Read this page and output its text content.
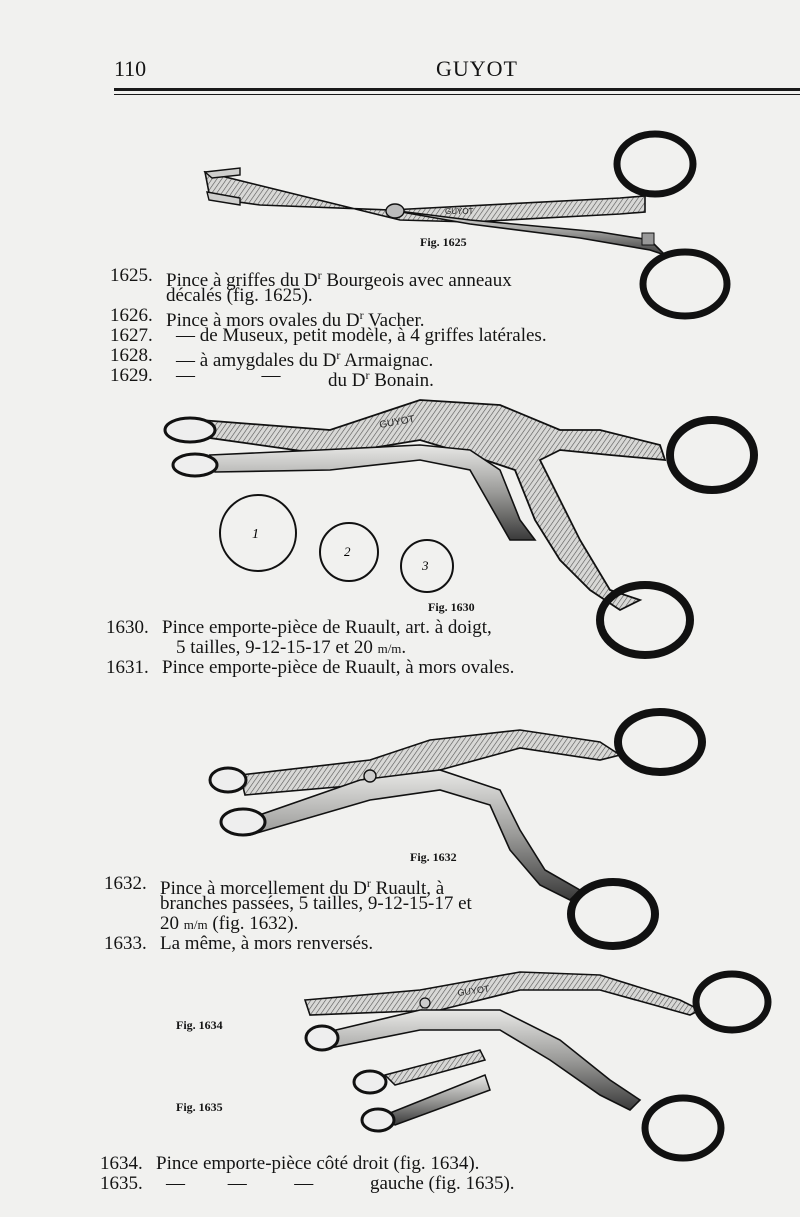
110	GUYOT
GUYOT
GUYOT
1
2
3
GUYOT
Fig. 1625
Fig. 1630
Fig. 1632
Fig. 1634
Fig. 1635
1625. Pince à griffes du $D^r$ Bourgeois avec anneaux
décalés (fig. 1625).
1626. Pince à mors ovales du $D^r$ Vacher.
1627. — de Museux, petit modèle, à 4 griffes latérales.
1628. — à amygdales du $D^r$ Armaignac.
1629. —              —	du $D^r$ Bonain.
1630. Pince emporte-pièce de Ruault, art. à doigt,
5 tailles, 9-12-15-17 et 20 m/m.
1631. Pince emporte-pièce de Ruault, à mors ovales.
1632. Pince à morcellement du $D^r$ Ruault, à
branches passées, 5 tailles, 9-12-15-17 et
20 m/m (fig. 1632).
1633. La même, à mors renversés.
1634. Pince emporte-pièce côté droit (fig. 1634).
1635. —         —          —	gauche (fig. 1635).
